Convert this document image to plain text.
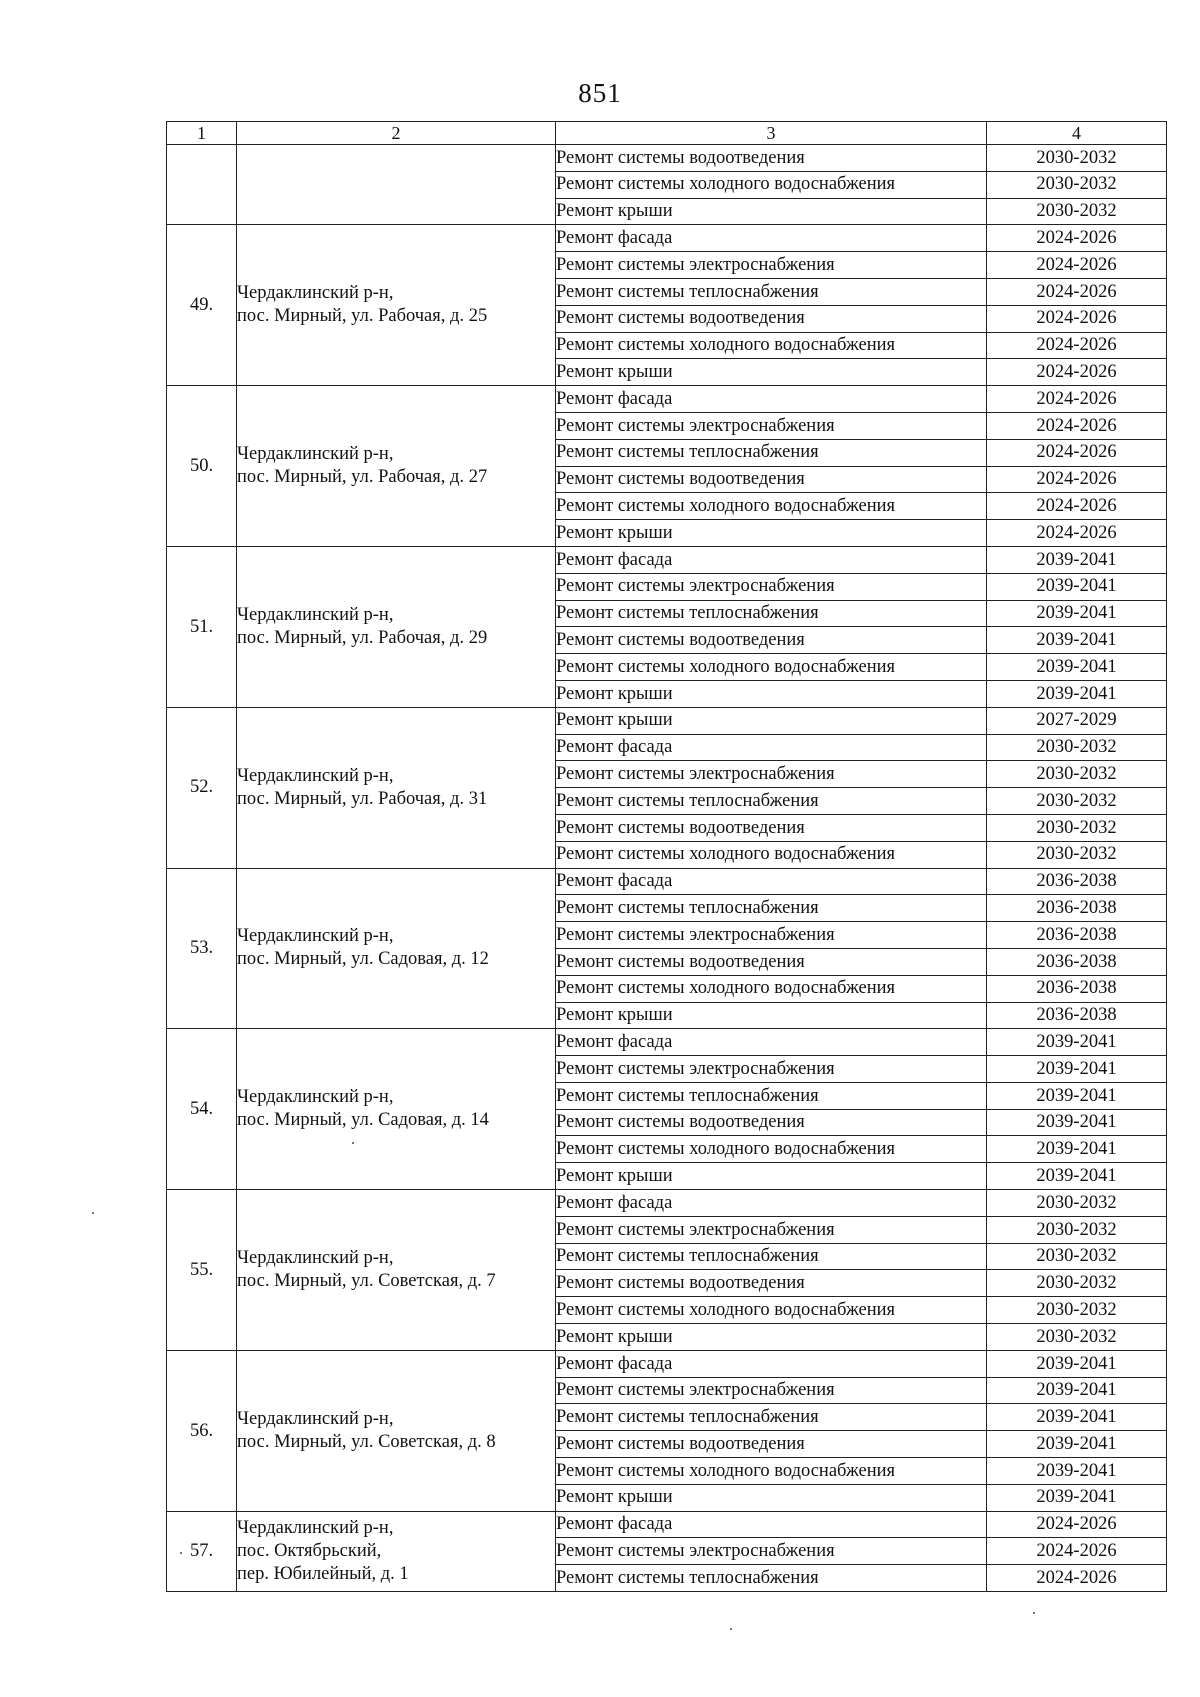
851
1	2	3	4
		Ремонт системы водоотведения	2030-2032
		Ремонт системы холодного водоснабжения	2030-2032
		Ремонт крыши	2030-2032
49.	Чердаклинский р-н,
пос. Мирный, ул. Рабочая, д. 25	Ремонт фасада	2024-2026
		Ремонт системы электроснабжения	2024-2026
		Ремонт системы теплоснабжения	2024-2026
		Ремонт системы водоотведения	2024-2026
		Ремонт системы холодного водоснабжения	2024-2026
		Ремонт крыши	2024-2026
50.	Чердаклинский р-н,
пос. Мирный, ул. Рабочая, д. 27	Ремонт фасада	2024-2026
		Ремонт системы электроснабжения	2024-2026
		Ремонт системы теплоснабжения	2024-2026
		Ремонт системы водоотведения	2024-2026
		Ремонт системы холодного водоснабжения	2024-2026
		Ремонт крыши	2024-2026
51.	Чердаклинский р-н,
пос. Мирный, ул. Рабочая, д. 29	Ремонт фасада	2039-2041
		Ремонт системы электроснабжения	2039-2041
		Ремонт системы теплоснабжения	2039-2041
		Ремонт системы водоотведения	2039-2041
		Ремонт системы холодного водоснабжения	2039-2041
		Ремонт крыши	2039-2041
52.	Чердаклинский р-н,
пос. Мирный, ул. Рабочая, д. 31	Ремонт крыши	2027-2029
		Ремонт фасада	2030-2032
		Ремонт системы электроснабжения	2030-2032
		Ремонт системы теплоснабжения	2030-2032
		Ремонт системы водоотведения	2030-2032
		Ремонт системы холодного водоснабжения	2030-2032
53.	Чердаклинский р-н,
пос. Мирный, ул. Садовая, д. 12	Ремонт фасада	2036-2038
		Ремонт системы теплоснабжения	2036-2038
		Ремонт системы электроснабжения	2036-2038
		Ремонт системы водоотведения	2036-2038
		Ремонт системы холодного водоснабжения	2036-2038
		Ремонт крыши	2036-2038
54.	Чердаклинский р-н,
пос. Мирный, ул. Садовая, д. 14	Ремонт фасада	2039-2041
		Ремонт системы электроснабжения	2039-2041
		Ремонт системы теплоснабжения	2039-2041
		Ремонт системы водоотведения	2039-2041
		Ремонт системы холодного водоснабжения	2039-2041
		Ремонт крыши	2039-2041
55.	Чердаклинский р-н,
пос. Мирный, ул. Советская, д. 7	Ремонт фасада	2030-2032
		Ремонт системы электроснабжения	2030-2032
		Ремонт системы теплоснабжения	2030-2032
		Ремонт системы водоотведения	2030-2032
		Ремонт системы холодного водоснабжения	2030-2032
		Ремонт крыши	2030-2032
56.	Чердаклинский р-н,
пос. Мирный, ул. Советская, д. 8	Ремонт фасада	2039-2041
		Ремонт системы электроснабжения	2039-2041
		Ремонт системы теплоснабжения	2039-2041
		Ремонт системы водоотведения	2039-2041
		Ремонт системы холодного водоснабжения	2039-2041
		Ремонт крыши	2039-2041
57.	Чердаклинский р-н,
пос. Октябрьский,
пер. Юбилейный, д. 1	Ремонт фасада	2024-2026
		Ремонт системы электроснабжения	2024-2026
		Ремонт системы теплоснабжения	2024-2026
